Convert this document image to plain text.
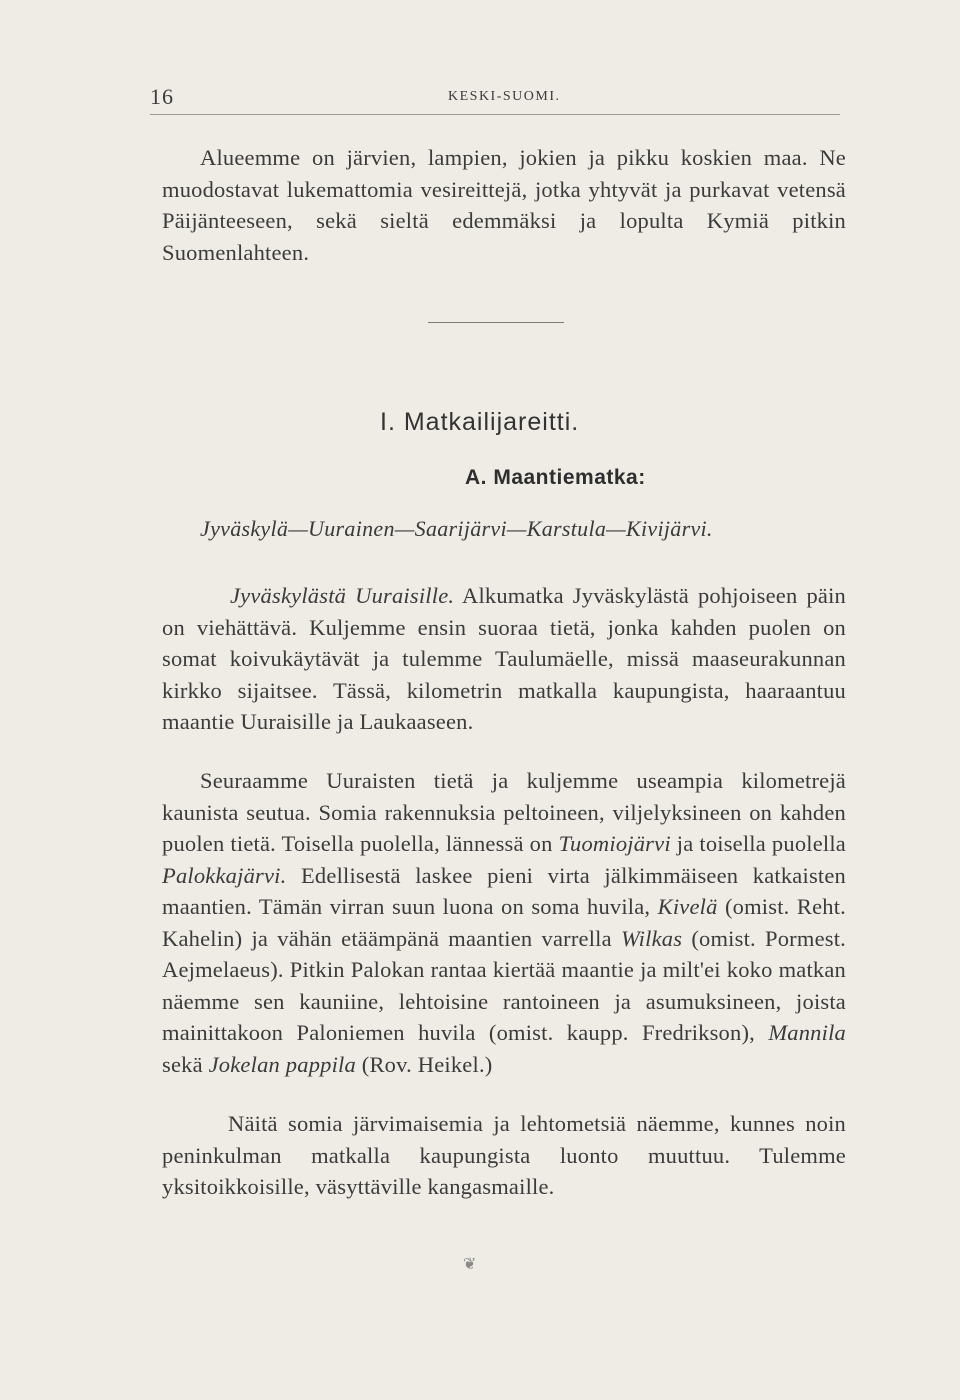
16	KESKI-SUOMI.

Alueemme on järvien, lampien, jokien ja pikku koskien maa. Ne muodostavat lukemattomia vesireittejä, jotka yhtyvät ja purkavat vetensä Päijänteeseen, sekä sieltä edemmäksi ja lopulta Kymiä pitkin Suomenlahteen.

I. Matkailijareitti.
A. Maantiematka:
Jyväskylä—Uurainen—Saarijärvi—Karstula—Kivijärvi.

Jyväskylästä Uuraisille. Alkumatka Jyväskylästä pohjoiseen päin on viehättävä. Kuljemme ensin suoraa tietä, jonka kahden puolen on somat koivukäytävät ja tulemme Taulumäelle, missä maaseurakunnan kirkko sijaitsee. Tässä, kilometrin matkalla kaupungista, haaraantuu maantie Uuraisille ja Laukaaseen.

Seuraamme Uuraisten tietä ja kuljemme useampia kilometrejä kaunista seutua. Somia rakennuksia peltoineen, viljelyksineen on kahden puolen tietä. Toisella puolella, lännessä on Tuomiojärvi ja toisella puolella Palokkajärvi. Edellisestä laskee pieni virta jälkimmäiseen katkaisten maantien. Tämän virran suun luona on soma huvila, Kivelä (omist. Reht. Kahelin) ja vähän etäämpänä maantien varrella Wilkas (omist. Pormest. Aejmelaeus). Pitkin Palokan rantaa kiertää maantie ja milt'ei koko matkan näemme sen kauniine, lehtoisine rantoineen ja asumuksineen, joista mainittakoon Paloniemen huvila (omist. kaupp. Fredrikson), Mannila sekä Jokelan pappila (Rov. Heikel.)

Näitä somia järvimaisemia ja lehtometsiä näemme, kunnes noin peninkulman matkalla kaupungista luonto muuttuu. Tulemme yksitoikkoisille, väsyttäville kangasmaille.

❦
